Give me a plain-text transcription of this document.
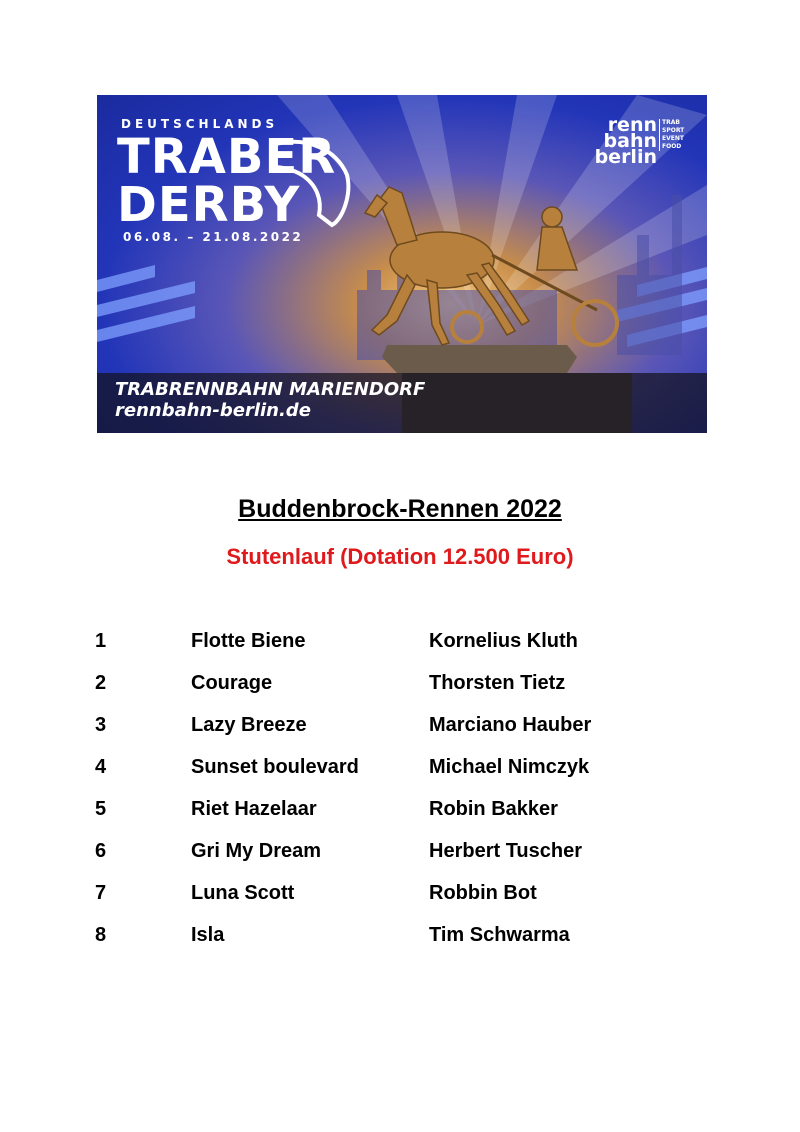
DEUTSCHLANDS
TRABER
DERBY
06.08. – 21.08.2022
renn
bahn
berlin
TRAB
SPORT
EVENT
FOOD
TRABRENNBAHN MARIENDORF
rennbahn-berlin.de
Buddenbrock-Rennen 2022
Stutenlauf (Dotation 12.500 Euro)
1	Flotte Biene	Kornelius Kluth
2	Courage	Thorsten Tietz
3	Lazy Breeze	Marciano Hauber
4	Sunset boulevard	Michael Nimczyk
5	Riet Hazelaar	Robin Bakker
6	Gri My Dream	Herbert Tuscher
7	Luna Scott	Robbin Bot
8	Isla	Tim Schwarma
